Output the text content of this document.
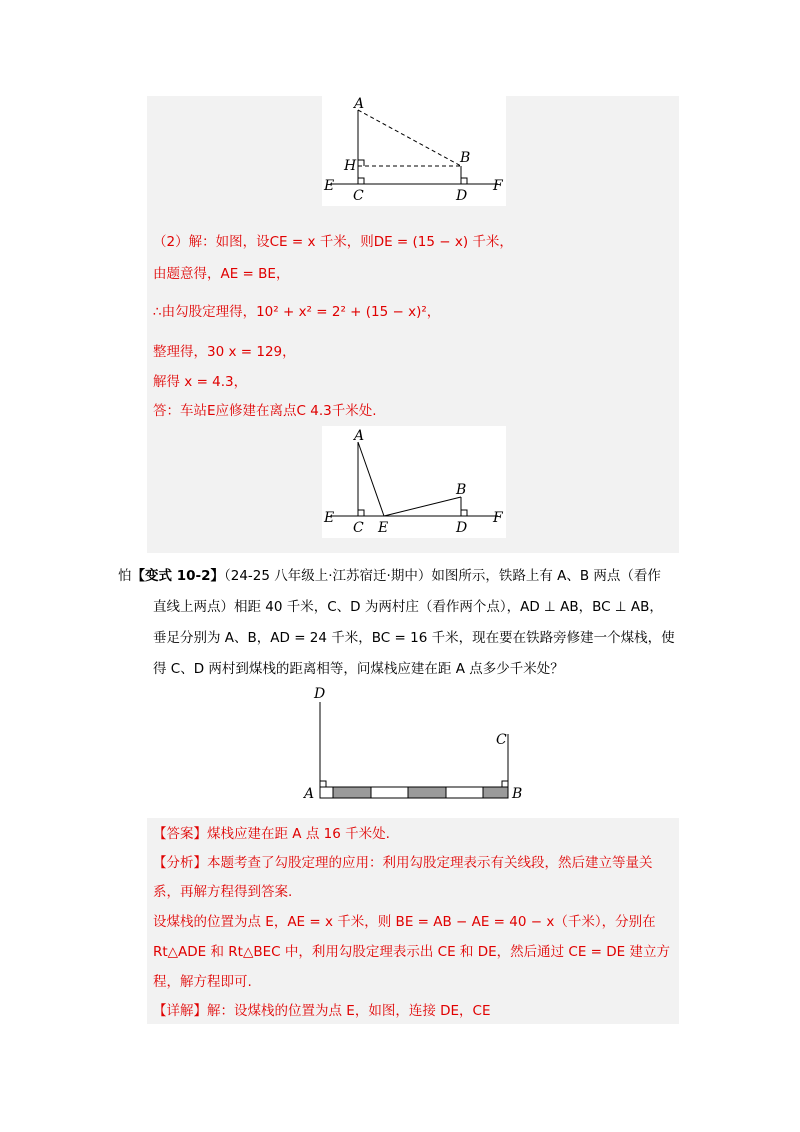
A
H	B
E
C	D
F
（2）解：如图，设CE = x 千米，则DE = (15 − x) 千米，
由题意得，AE = BE，
∴由勾股定理得，10² + x² = 2² + (15 − x)²，
整理得，30 x = 129，
解得 x = 4.3，
答：车站E应修建在离点C 4.3千米处.
A
B
E
C E	D
F
怕【变式 10-2】（24-25 八年级上·江苏宿迁·期中）如图所示，铁路上有 A、B 两点（看作
直线上两点）相距 40 千米，C、D 为两村庄（看作两个点），AD ⊥ AB，BC ⊥ AB，
垂足分别为 A、B，AD = 24 千米，BC = 16 千米，现在要在铁路旁修建一个煤栈，使
得 C、D 两村到煤栈的距离相等，问煤栈应建在距 A 点多少千米处？
D
C
A	B
【答案】煤栈应建在距 A 点 16 千米处.
【分析】本题考查了勾股定理的应用：利用勾股定理表示有关线段，然后建立等量关
系，再解方程得到答案.
设煤栈的位置为点 E，AE = x 千米，则 BE = AB − AE = 40 − x（千米），分别在
Rt△ADE 和 Rt△BEC 中，利用勾股定理表示出 CE 和 DE，然后通过 CE = DE 建立方
程，解方程即可.
【详解】解：设煤栈的位置为点 E，如图，连接 DE，CE
